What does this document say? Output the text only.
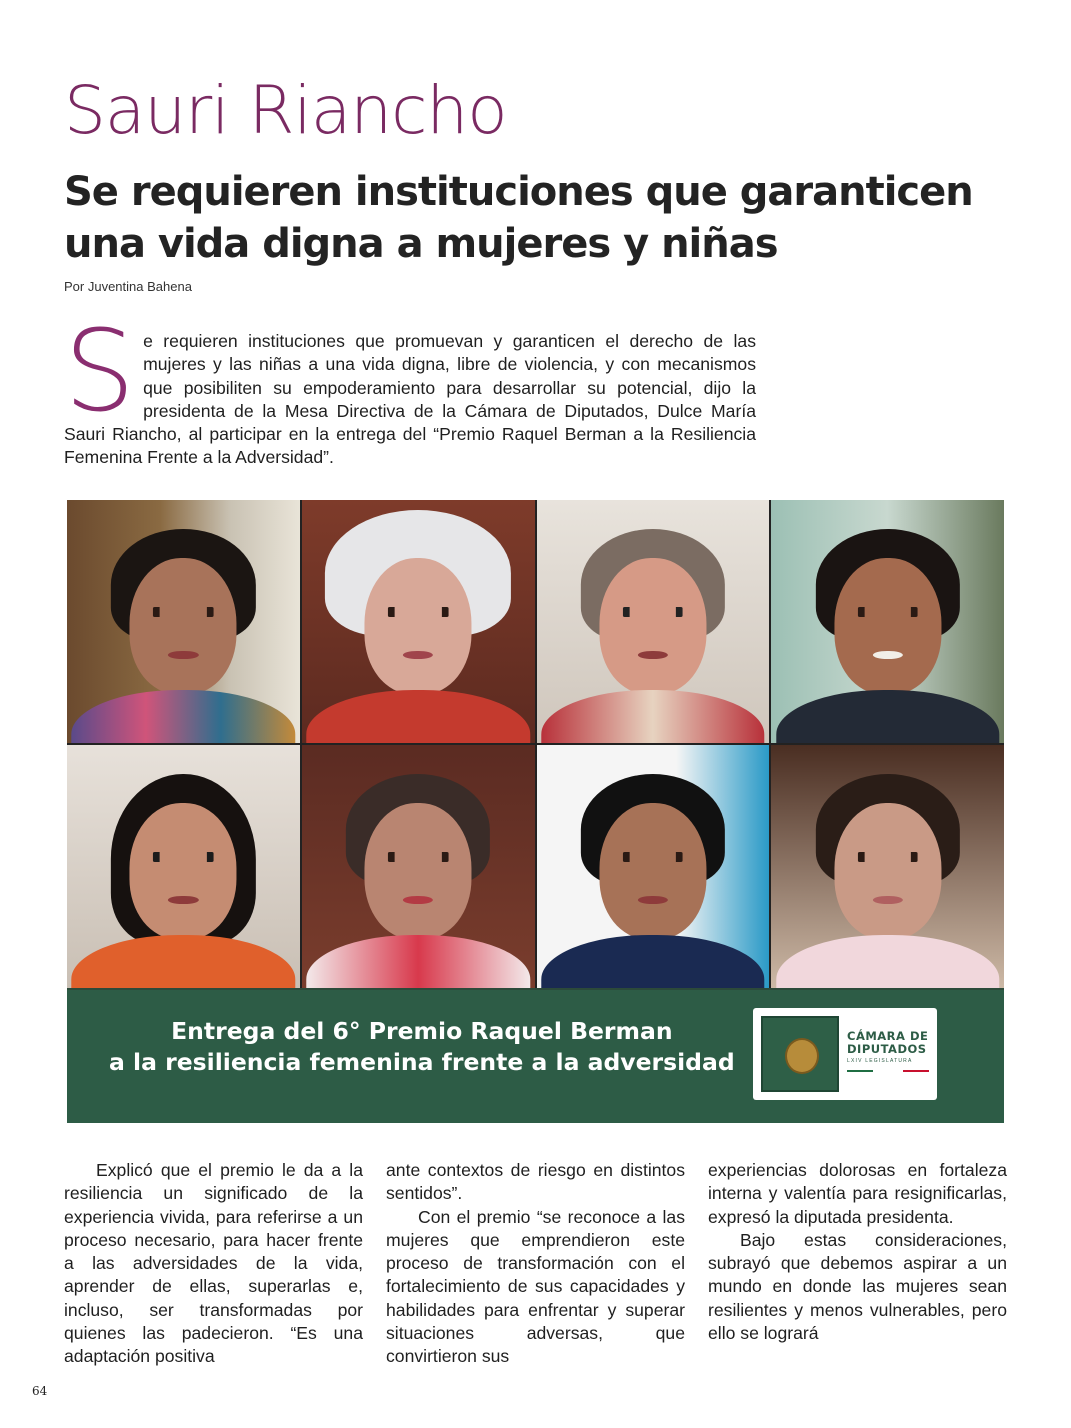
Sauri Riancho
Se requieren instituciones que garanticen una vida digna a mujeres y niñas
Por Juventina Bahena
S e requieren instituciones que promuevan y garanticen el derecho de las mujeres y las niñas a una vida digna, libre de violencia, y con mecanismos que posibiliten su empoderamiento para desarrollar su potencial, dijo la presidenta de la Mesa Directiva de la Cámara de Diputados, Dulce María Sauri Riancho, al participar en la entrega del “Premio Raquel Berman a la Resiliencia Femenina Frente a la Adversidad”.
Entrega del 6° Premio Raquel Berman
a la resiliencia femenina frente a la adversidad
CÁMARA DE
DIPUTADOS
LXIV LEGISLATURA

Explicó que el premio le da a la resiliencia un significado de la experiencia vivida, para referirse a un proceso necesario, para hacer frente a las adversidades de la vida, aprender de ellas, superarlas e, incluso, ser transformadas por quienes las padecieron. “Es una adaptación positiva

ante contextos de riesgo en distintos sentidos”.

Con el premio “se reconoce a las mujeres que emprendieron este proceso de transformación con el fortalecimiento de sus capacidades y habilidades para enfrentar y superar situaciones adversas, que convirtieron sus

experiencias dolorosas en fortaleza interna y valentía para resignificarlas, expresó la diputada presidenta.

Bajo estas consideraciones, subrayó que debemos aspirar a un mundo en donde las mujeres sean resilientes y menos vulnerables, pero ello se logrará

64
